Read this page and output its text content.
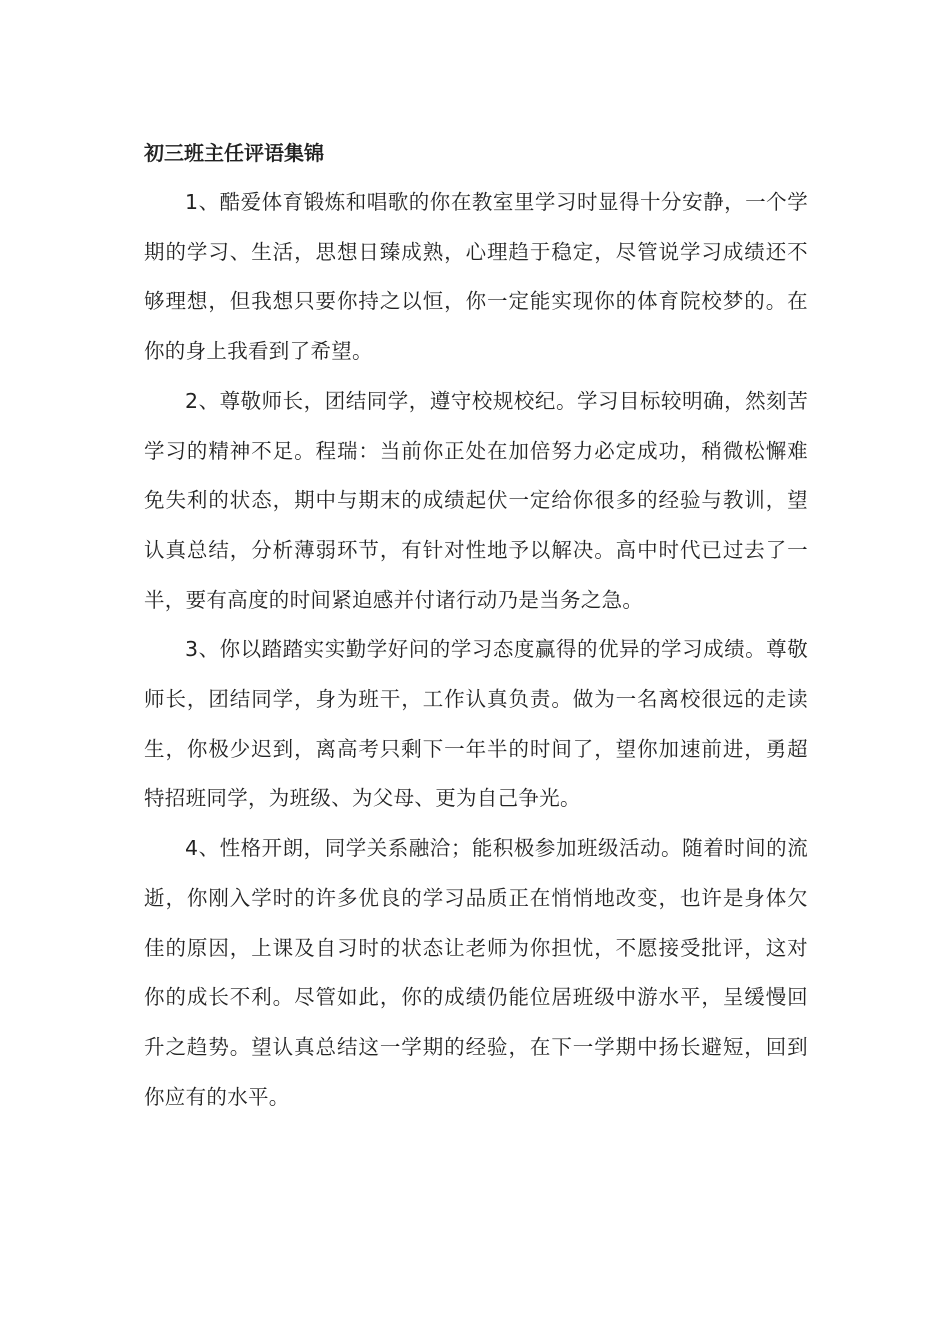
初三班主任评语集锦

1、酷爱体育锻炼和唱歌的你在教室里学习时显得十分安静，一个学期的学习、生活，思想日臻成熟，心理趋于稳定，尽管说学习成绩还不够理想，但我想只要你持之以恒，你一定能实现你的体育院校梦的。在你的身上我看到了希望。

2、尊敬师长，团结同学，遵守校规校纪。学习目标较明确，然刻苦学习的精神不足。程瑞：当前你正处在加倍努力必定成功，稍微松懈难免失利的状态，期中与期末的成绩起伏一定给你很多的经验与教训，望认真总结，分析薄弱环节，有针对性地予以解决。高中时代已过去了一半，要有高度的时间紧迫感并付诸行动乃是当务之急。

3、你以踏踏实实勤学好问的学习态度赢得的优异的学习成绩。尊敬师长，团结同学，身为班干，工作认真负责。做为一名离校很远的走读生，你极少迟到，离高考只剩下一年半的时间了，望你加速前进，勇超特招班同学，为班级、为父母、更为自己争光。

4、性格开朗，同学关系融洽；能积极参加班级活动。随着时间的流逝，你刚入学时的许多优良的学习品质正在悄悄地改变，也许是身体欠佳的原因，上课及自习时的状态让老师为你担忧，不愿接受批评，这对你的成长不利。尽管如此，你的成绩仍能位居班级中游水平，呈缓慢回升之趋势。望认真总结这一学期的经验，在下一学期中扬长避短，回到你应有的水平。
